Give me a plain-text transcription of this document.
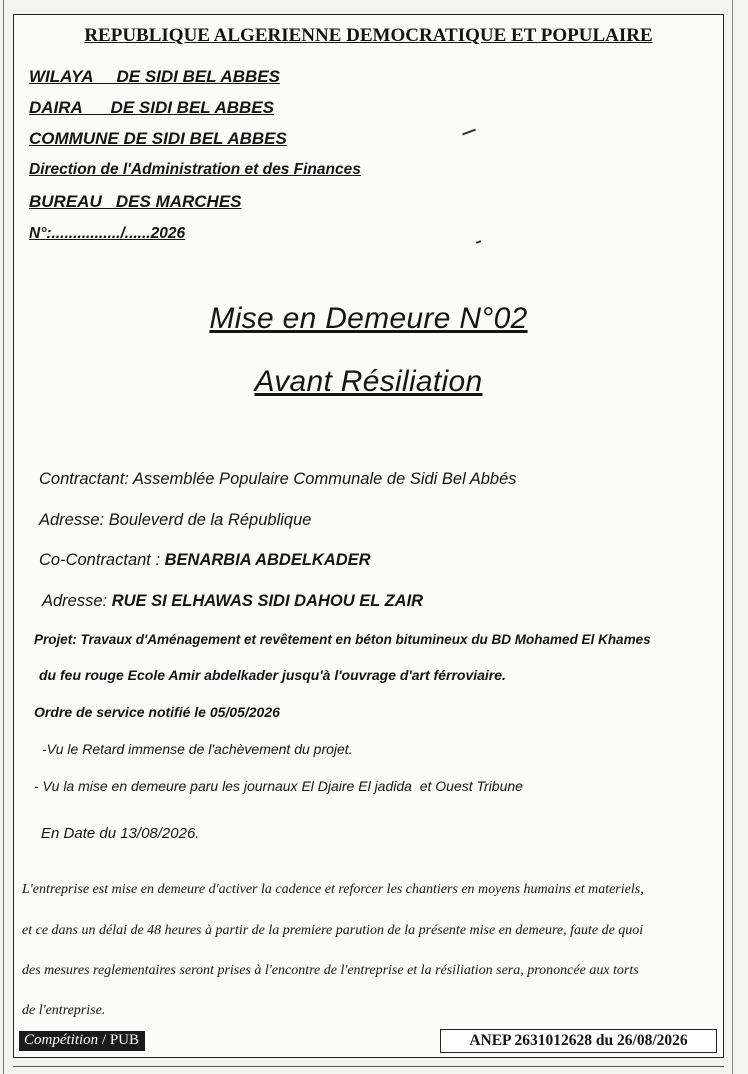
REPUBLIQUE ALGERIENNE DEMOCRATIQUE ET POPULAIRE
WILAYA     DE SIDI BEL ABBES
DAIRA      DE SIDI BEL ABBES
COMMUNE DE SIDI BEL ABBES
Direction de l'Administration et des Finances
BUREAU   DES MARCHES
N°:................/......2026
Mise en Demeure N°02
Avant Résiliation
Contractant: Assemblée Populaire Communale de Sidi Bel Abbés
Adresse: Bouleverd de la République
Co-Contractant : BENARBIA ABDELKADER
Adresse: RUE SI ELHAWAS SIDI DAHOU EL ZAIR
Projet: Travaux d'Aménagement et revêtement en béton bitumineux du BD Mohamed El Khames
du feu rouge Ecole Amir abdelkader jusqu'à l'ouvrage d'art férroviaire.
Ordre de service notifié le 05/05/2026
-Vu le Retard immense de l'achèvement du projet.
- Vu la mise en demeure paru les journaux El Djaire El jadida  et Ouest Tribune
En Date du 13/08/2026.
L'entreprise est mise en demeure d'activer la cadence et reforcer les chantiers en moyens humains et materiels,
et ce dans un délai de 48 heures à partir de la premiere parution de la présente mise en demeure, faute de quoi
des mesures reglementaires seront prises à l'encontre de l'entreprise et la résiliation sera, prononcée aux torts
de l'entreprise.
Compétition / PUB	ANEP 2631012628 du 26/08/2026
